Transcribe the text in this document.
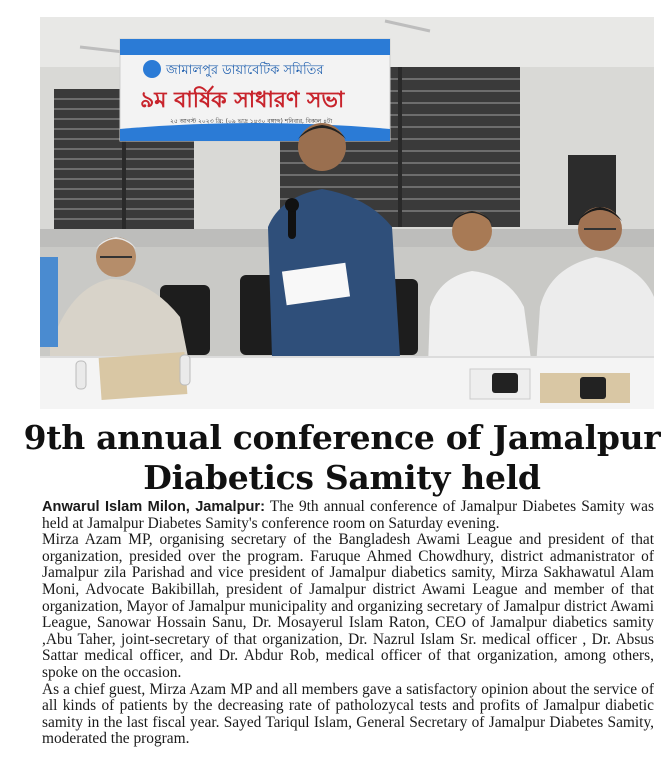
জামালপুর ডায়াবেটিক সমিতির
৯ম বার্ষিক সাধারণ সভা
২৫ আগস্ট ২০২৩ খ্রি: (০৯ ভাদ্র ১৪৩০ বঙ্গাব্দ) শনিবার, বিকাল ৪টা
9th annual conference of Jamalpur
Diabetics Samity held

Anwarul Islam Milon, Jamalpur: The 9th annual conference of Jamalpur Diabetes Samity was held at Jamalpur Diabetes Samity's conference room on Saturday evening.

Mirza Azam MP, organising secretary of the Bangladesh Awami League and president of that organization, presided over the program. Faruque Ahmed Chowdhury, district admanistrator of Jamalpur zila Parishad and vice president of Jamalpur diabetics samity, Mirza Sakhawatul Alam Moni, Advocate Bakibillah, president of Jamalpur district Awami League and member of that organization, Mayor of Jamalpur municipality and organizing secretary of Jamalpur district Awami League, Sanowar Hossain Sanu, Dr. Mosayerul Islam Raton, CEO of Jamalpur diabetics samity ,Abu Taher, joint-secretary of that organization, Dr. Nazrul Islam Sr. medical officer , Dr. Absus Sattar medical officer, and Dr. Abdur Rob, medical officer of that organization, among others, spoke on the occasion.

As a chief guest, Mirza Azam MP and all members gave a satisfactory opinion about the service of all kinds of patients by the decreasing rate of patholozycal tests and profits of Jamalpur diabetic samity in the last fiscal year. Sayed Tariqul Islam, General Secretary of Jamalpur Diabetes Samity, moderated the program.
